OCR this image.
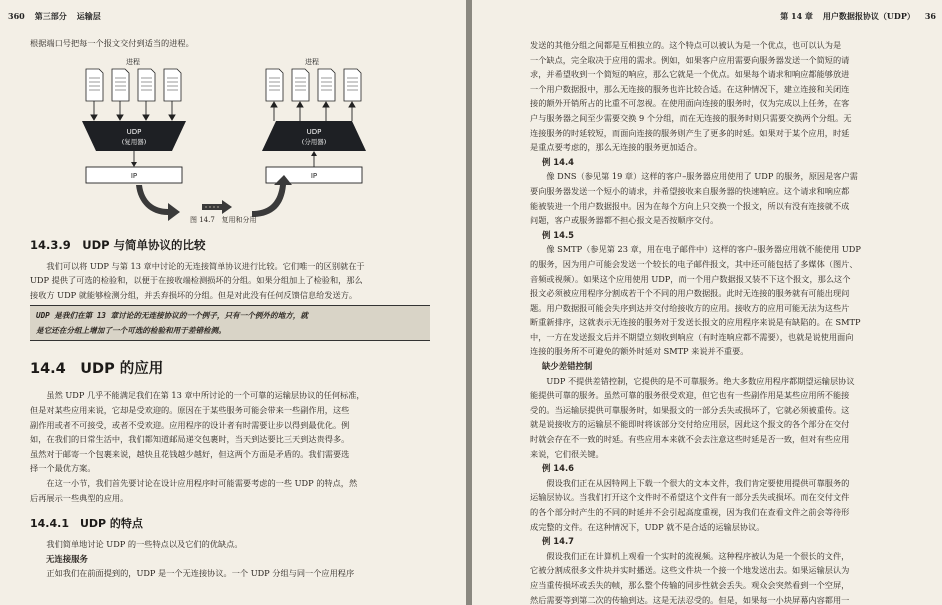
360 第三部分 运输层

根据端口号把每一个报文交付到适当的进程。

进程
UDP
(复用器)
IP
进程
UDP
(分用器)
IP
图 14.7 复用和分用
14.3.9　UDP 与简单协议的比较

我们可以将 UDP 与第 13 章中讨论的无连接简单协议进行比较。它们唯一的区别就在于

UDP 提供了可选的检验和，以便于在接收端检测损坏的分组。如果分组加上了检验和，那么

接收方 UDP 就能够检测分组，并丢弃损坏的分组。但是对此没有任何反馈信息给发送方。

UDP 是我们在第 13 章讨论的无连接协议的一个例子，只有一个例外的地方，就
是它还在分组上增加了一个可选的检验和用于差错检测。
14.4　UDP 的应用

虽然 UDP 几乎不能满足我们在第 13 章中所讨论的一个可靠的运输层协议的任何标准，

但是对某些应用来说，它却是受欢迎的。原因在于某些服务可能会带来一些副作用，这些

副作用或者不可接受，或者不受欢迎。应用程序的设计者有时需要让步以得到最优化。例

如，在我们的日常生活中，我们都知道邮局递交包裹时，当天到达要比三天到达贵得多。

虽然对于邮寄一个包裹来说，越快且花钱越少越好，但这两个方面是矛盾的。我们需要选

择一个最优方案。

在这一小节，我们首先要讨论在设计应用程序时可能需要考虑的一些 UDP 的特点，然

后再展示一些典型的应用。

14.4.1　UDP 的特点

我们简单地讨论 UDP 的一些特点以及它们的优缺点。

无连接服务

正如我们在前面提到的，UDP 是一个无连接协议。一个 UDP 分组与同一个应用程序

第 14 章 用户数据报协议（UDP） 36

发送的其他分组之间都是互相独立的。这个特点可以被认为是一个优点，也可以认为是

一个缺点，完全取决于应用的需求。例如，如果客户应用需要向服务器发送一个简短的请

求，并希望收到一个简短的响应，那么它就是一个优点。如果每个请求和响应都能够放进

一个用户数据报中，那么无连接的服务也许比较合适。在这种情况下，建立连接和关闭连

接的额外开销所占的比重不可忽视。在使用面向连接的服务时，仅为完成以上任务，在客

户与服务器之间至少需要交换 9 个分组，而在无连接的服务时则只需要交换两个分组。无

连接服务的时延较短，而面向连接的服务则产生了更多的时延。如果对于某个应用，时延

是重点要考虑的，那么无连接的服务更加适合。

例 14.4

像 DNS（参见第 19 章）这样的客户–服务器应用使用了 UDP 的服务，原因是客户需

要向服务器发送一个短小的请求，并希望接收来自服务器的快速响应。这个请求和响应都

能被装进一个用户数据报中。因为在每个方向上只交换一个报文，所以有没有连接就不成

问题，客户或服务器都不担心报文是否按顺序交付。

例 14.5

像 SMTP（参见第 23 章，用在电子邮件中）这样的客户–服务器应用就不能使用 UDP

的服务，因为用户可能会发送一个较长的电子邮件报文，其中还可能包括了多媒体（图片、

音频或视频）。如果这个应用使用 UDP，而一个用户数据报又装不下这个报文，那么这个

报文必须被应用程序分割成若干个不同的用户数据报。此时无连接的服务就有可能出现问

题。用户数据报可能会失序到达并交付给接收方的应用。接收方的应用可能无法为这些片

断重新排序，这就表示无连接的服务对于发送长报文的应用程序来说是有缺陷的。在 SMTP

中，一方在发送报文后并不期望立刻收到响应（有时连响应都不需要），也就是说使用面向

连接的服务所不可避免的额外时延对 SMTP 来说并不重要。

缺少差错控制

UDP 不提供差错控制，它提供的是不可靠服务。绝大多数应用程序都期望运输层协议

能提供可靠的服务。虽然可靠的服务很受欢迎，但它也有一些副作用是某些应用所不能接

受的。当运输层提供可靠服务时，如果报文的一部分丢失或损坏了，它就必须被重传。这

就是说接收方的运输层不能即时将该部分交付给应用层，因此这个报文的各个部分在交付

时就会存在不一致的时延。有些应用本来就不会去注意这些时延是否一致，但对有些应用

来说，它们很关键。

例 14.6

假设我们正在从因特网上下载一个很大的文本文件，我们肯定要使用提供可靠服务的

运输层协议。当我们打开这个文件时不希望这个文件有一部分丢失或损坏。而在交付文件

的各个部分时产生的不同的时延并不会引起高度重视，因为我们在查看文件之前会等待形

成完整的文件。在这种情况下，UDP 就不是合适的运输层协议。

例 14.7

假设我们正在计算机上观看一个实时的流视频。这种程序被认为是一个很长的文件，

它被分割成很多文件块并实时播送。这些文件块一个接一个地发送出去。如果运输层认为

应当重传损坏或丢失的帧，那么整个传输的同步性就会丢失。观众会突然看到一个空屏，

然后需要等到第二次的传输到达。这是无法忍受的。但是，如果每一小块屏幕内容都用一
